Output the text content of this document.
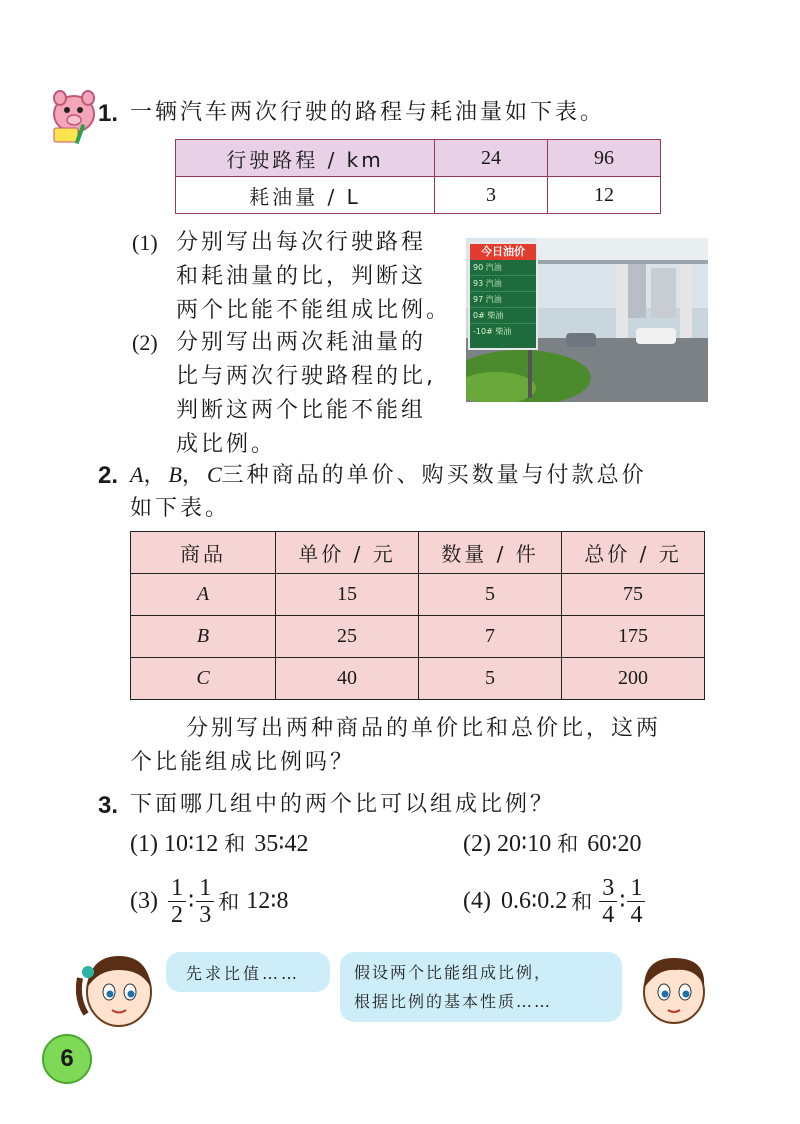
1. 一辆汽车两次行驶的路程与耗油量如下表。
行驶路程 / km	24	96
耗油量 / L	3	12
(1) 分别写出每次行驶路程
和耗油量的比，判断这
两个比能不能组成比例。
(2) 分别写出两次耗油量的
比与两次行驶路程的比,
判断这两个比能不能组
成比例。
今日油价
90 汽油
93 汽油
97 汽油
0# 柴油
-10# 柴油
2. A，B，C三种商品的单价、购买数量与付款总价
如下表。
商品	单价 / 元	数量 / 件	总价 / 元
A	15	5	75
B	25	7	175
C	40	5	200
分别写出两种商品的单价比和总价比，这两
个比能组成比例吗？
3. 下面哪几组中的两个比可以组成比例？
(1) 10∶12 和 35∶42	(2) 20∶10 和 60∶20
(3) 1
2 ∶
1
3 和 12 ∶ 8	(4) 0.6 ∶ 0.2 和
3
4 ∶
1
4
先求比值……	假设两个比能组成比例，
根据比例的基本性质……
6
